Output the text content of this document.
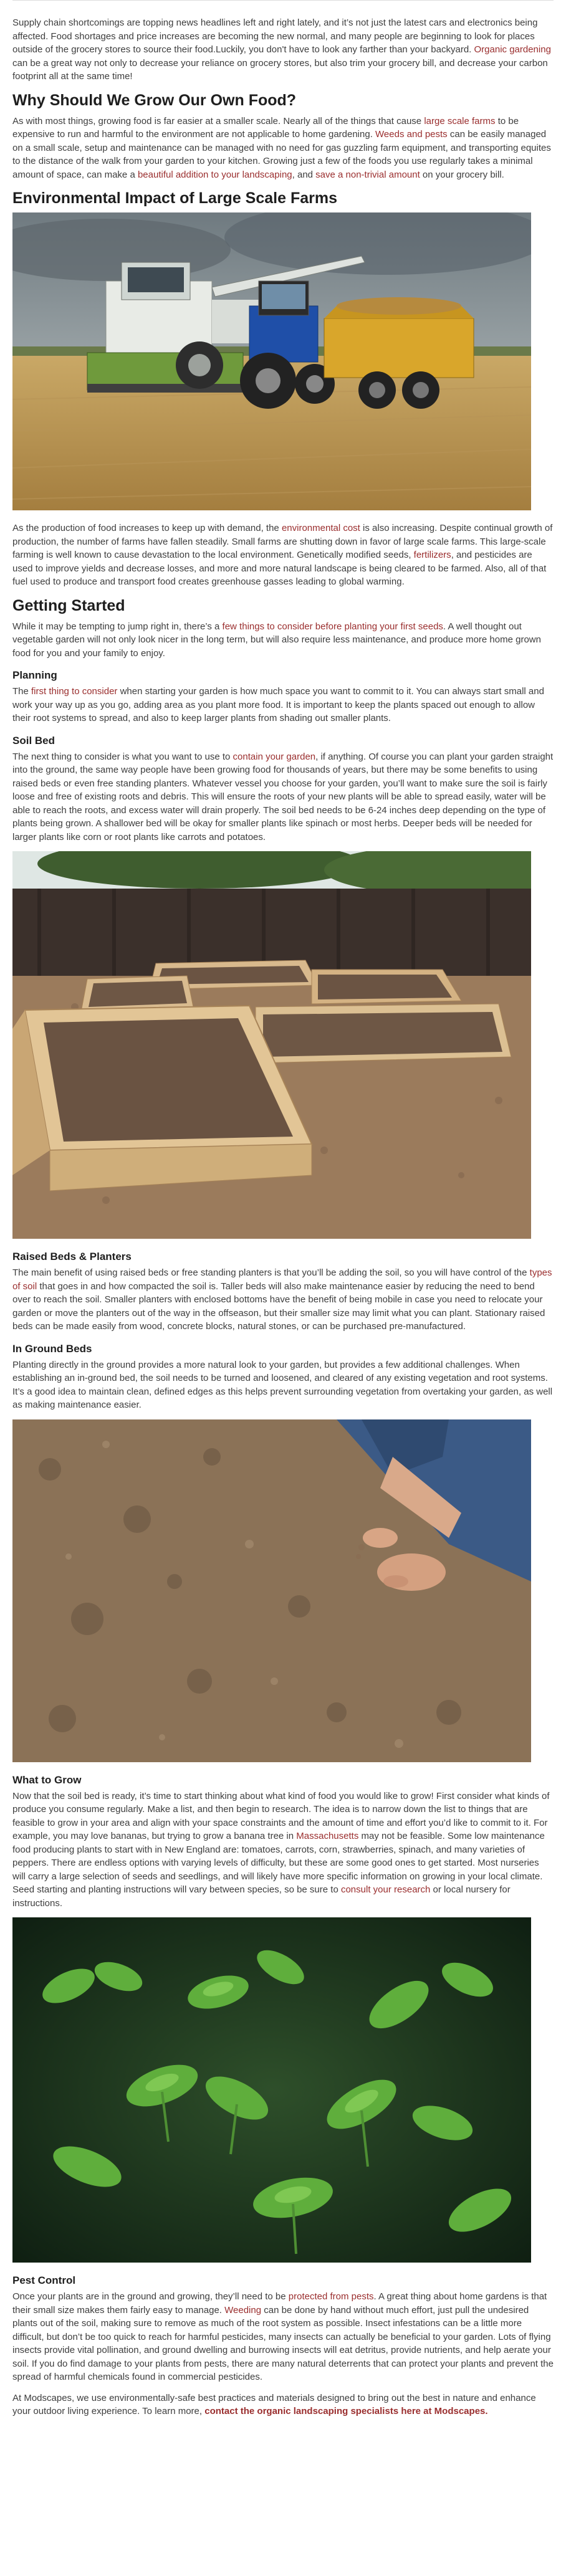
Supply chain shortcomings are topping news headlines left and right lately, and it’s not just the latest cars and electronics being affected. Food shortages and price increases are becoming the new normal, and many people are beginning to look for places outside of the grocery stores to source their food.Luckily, you don't have to look any farther than your backyard. Organic gardening can be a great way not only to decrease your reliance on grocery stores, but also trim your grocery bill, and decrease your carbon footprint all at the same time!

Why Should We Grow Our Own Food?

As with most things, growing food is far easier at a smaller scale. Nearly all of the things that cause large scale farms to be expensive to run and harmful to the environment are not applicable to home gardening. Weeds and pests can be easily managed on a small scale, setup and maintenance can be managed with no need for gas guzzling farm equipment, and transporting equites to the distance of the walk from your garden to your kitchen. Growing just a few of the foods you use regularly takes a minimal amount of space, can make a beautiful addition to your landscaping, and save a non-trivial amount on your grocery bill.

Environmental Impact of Large Scale Farms

As the production of food increases to keep up with demand, the environmental cost is also increasing. Despite continual growth of production, the number of farms have fallen steadily. Small farms are shutting down in favor of large scale farms. This large-scale farming is well known to cause devastation to the local environment. Genetically modified seeds, fertilizers, and pesticides are used to improve yields and decrease losses, and more and more natural landscape is being cleared to be farmed. Also, all of that fuel used to produce and transport food creates greenhouse gasses leading to global warming.

Getting Started

While it may be tempting to jump right in, there’s a few things to consider before planting your first seeds. A well thought out vegetable garden will not only look nicer in the long term, but will also require less maintenance, and produce more home grown food for you and your family to enjoy.

Planning

The first thing to consider when starting your garden is how much space you want to commit to it. You can always start small and work your way up as you go, adding area as you plant more food. It is important to keep the plants spaced out enough to allow their root systems to spread, and also to keep larger plants from shading out smaller plants.

Soil Bed

The next thing to consider is what you want to use to contain your garden, if anything. Of course you can plant your garden straight into the ground, the same way people have been growing food for thousands of years, but there may be some benefits to using raised beds or even free standing planters. Whatever vessel you choose for your garden, you’ll want to make sure the soil is fairly loose and free of existing roots and debris. This will ensure the roots of your new plants will be able to spread easily, water will be able to reach the roots, and excess water will drain properly. The soil bed needs to be 6-24 inches deep depending on the type of plants being grown. A shallower bed will be okay for smaller plants like spinach or most herbs. Deeper beds will be needed for larger plants like corn or root plants like carrots and potatoes.

Raised Beds & Planters

The main benefit of using raised beds or free standing planters is that you’ll be adding the soil, so you will have control of the types of soil that goes in and how compacted the soil is. Taller beds will also make maintenance easier by reducing the need to bend over to reach the soil. Smaller planters with enclosed bottoms have the benefit of being mobile in case you need to relocate your garden or move the planters out of the way in the offseason, but their smaller size may limit what you can plant. Stationary raised beds can be made easily from wood, concrete blocks, natural stones, or can be purchased pre-manufactured.

In Ground Beds

Planting directly in the ground provides a more natural look to your garden, but provides a few additional challenges. When establishing an in-ground bed, the soil needs to be turned and loosened, and cleared of any existing vegetation and root systems. It’s a good idea to maintain clean, defined edges as this helps prevent surrounding vegetation from overtaking your garden, as well as making maintenance easier.

What to Grow

Now that the soil bed is ready, it’s time to start thinking about what kind of food you would like to grow! First consider what kinds of produce you consume regularly. Make a list, and then begin to research. The idea is to narrow down the list to things that are feasible to grow in your area and align with your space constraints and the amount of time and effort you’d like to commit to it. For example, you may love bananas, but trying to grow a banana tree in Massachusetts may not be feasible. Some low maintenance food producing plants to start with in New England are: tomatoes, carrots, corn, strawberries, spinach, and many varieties of peppers. There are endless options with varying levels of difficulty, but these are some good ones to get started. Most nurseries will carry a large selection of seeds and seedlings, and will likely have more specific information on growing in your local climate. Seed starting and planting instructions will vary between species, so be sure to consult your research or local nursery for instructions.

Pest Control

Once your plants are in the ground and growing, they’ll need to be protected from pests. A great thing about home gardens is that their small size makes them fairly easy to manage. Weeding can be done by hand without much effort, just pull the undesired plants out of the soil, making sure to remove as much of the root system as possible. Insect infestations can be a little more difficult, but don’t be too quick to reach for harmful pesticides, many insects can actually be beneficial to your garden. Lots of flying insects provide vital pollination, and ground dwelling and burrowing insects will eat detritus, provide nutrients, and help aerate your soil. If you do find damage to your plants from pests, there are many natural deterrents that can protect your plants and prevent the spread of harmful chemicals found in commercial pesticides.

At Modscapes, we use environmentally-safe best practices and materials designed to bring out the best in nature and enhance your outdoor living experience. To learn more, contact the organic landscaping specialists here at Modscapes.
